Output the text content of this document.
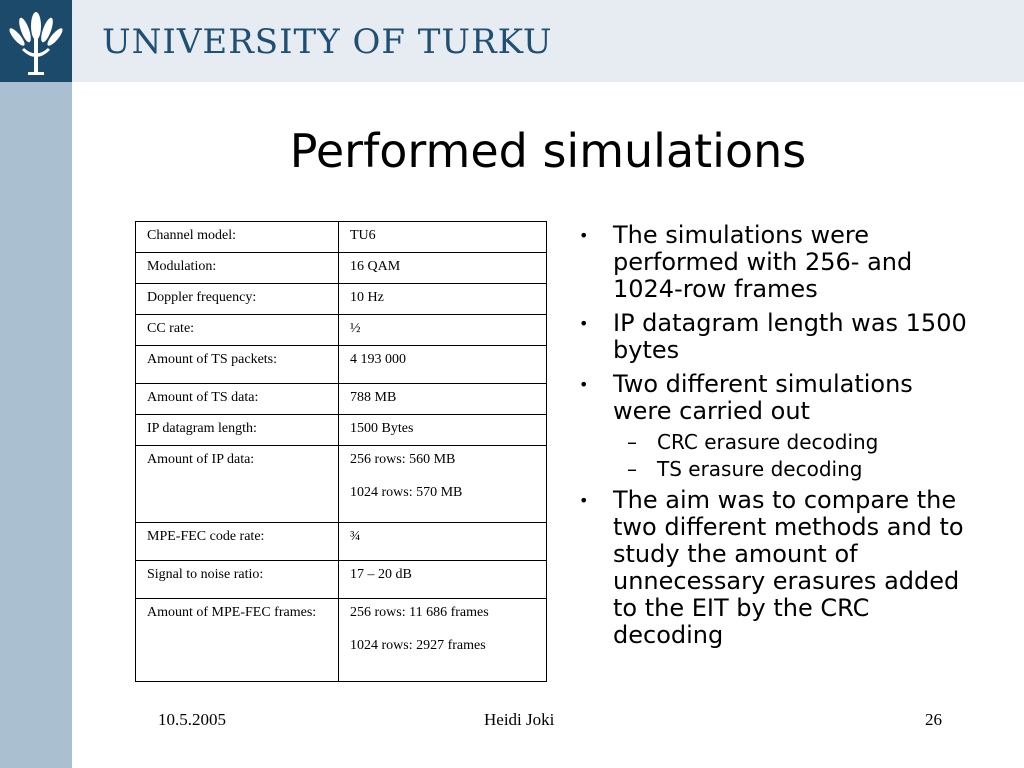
UNIVERSITY OF TURKU
Performed simulations
Channel model:	TU6
Modulation:	16 QAM
Doppler frequency:	10 Hz
CC rate:	½
Amount of TS packets:	4 193 000
Amount of TS data:	788 MB
IP datagram length:	1500 Bytes
Amount of IP data:	256 rows: 560 MB
1024 rows: 570 MB

MPE-FEC code rate:	¾
Signal to noise ratio:	17 – 20 dB
Amount of MPE-FEC frames:	256 rows: 11 686 frames
1024 rows: 2927 frames
• The simulations were performed with 256- and 1024-row frames
• IP datagram length was 1500 bytes
• Two different simulations were carried out
– CRC erasure decoding
– TS erasure decoding
• The aim was to compare the two different methods and to study the amount of unnecessary erasures added to the EIT by the CRC decoding
10.5.2005	Heidi Joki	26
